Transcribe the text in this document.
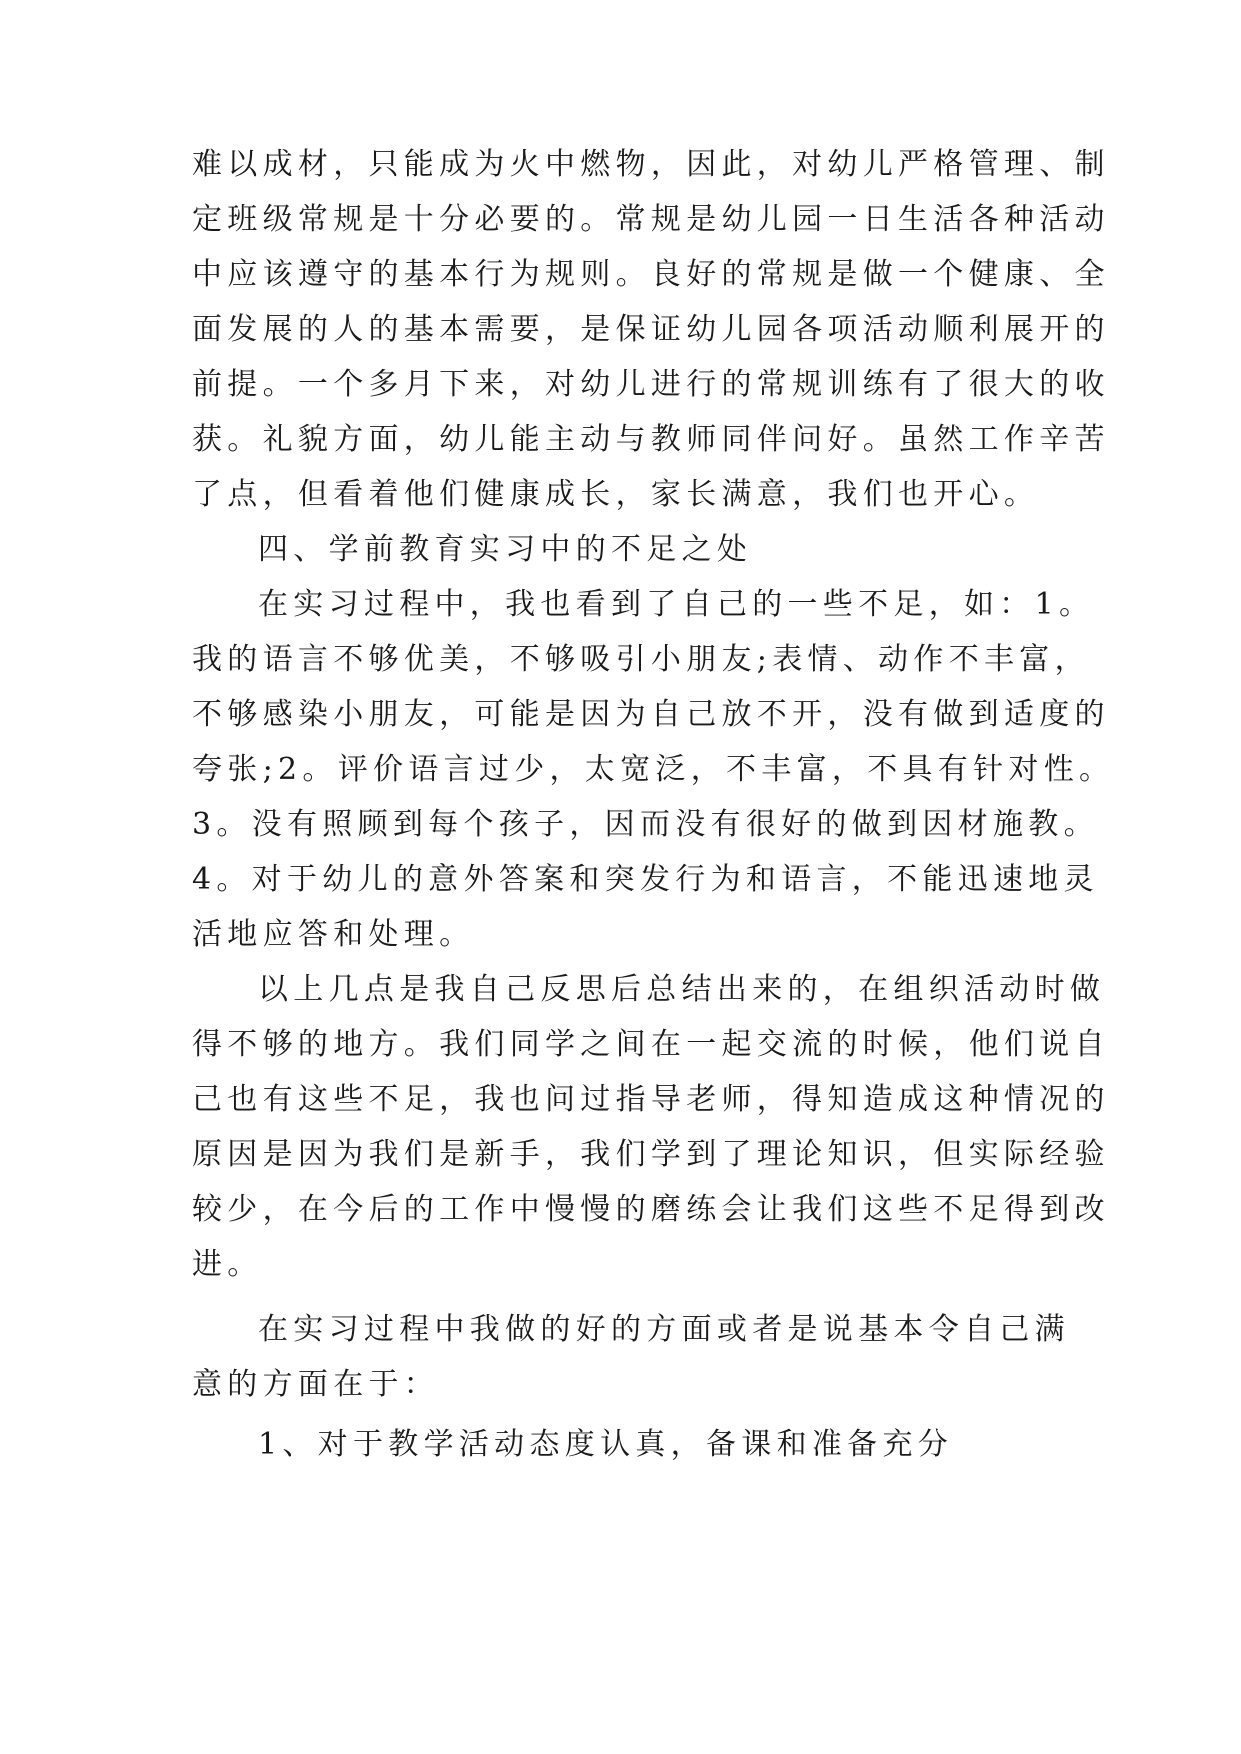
难以成材，只能成为火中燃物，因此，对幼儿严格管理、制
定班级常规是十分必要的。常规是幼儿园一日生活各种活动
中应该遵守的基本行为规则。良好的常规是做一个健康、全
面发展的人的基本需要，是保证幼儿园各项活动顺利展开的
前提。一个多月下来，对幼儿进行的常规训练有了很大的收
获。礼貌方面，幼儿能主动与教师同伴问好。虽然工作辛苦
了点，但看着他们健康成长，家长满意，我们也开心。
四、学前教育实习中的不足之处
在实习过程中，我也看到了自己的一些不足，如：1。
我的语言不够优美，不够吸引小朋友;表情、动作不丰富，
不够感染小朋友，可能是因为自己放不开，没有做到适度的
夸张;2。评价语言过少，太宽泛，不丰富，不具有针对性。
3。没有照顾到每个孩子，因而没有很好的做到因材施教。
4。对于幼儿的意外答案和突发行为和语言，不能迅速地灵
活地应答和处理。
以上几点是我自己反思后总结出来的，在组织活动时做
得不够的地方。我们同学之间在一起交流的时候，他们说自
己也有这些不足，我也问过指导老师，得知造成这种情况的
原因是因为我们是新手，我们学到了理论知识，但实际经验
较少，在今后的工作中慢慢的磨练会让我们这些不足得到改
进。
在实习过程中我做的好的方面或者是说基本令自己满
意的方面在于：
1、对于教学活动态度认真，备课和准备充分
